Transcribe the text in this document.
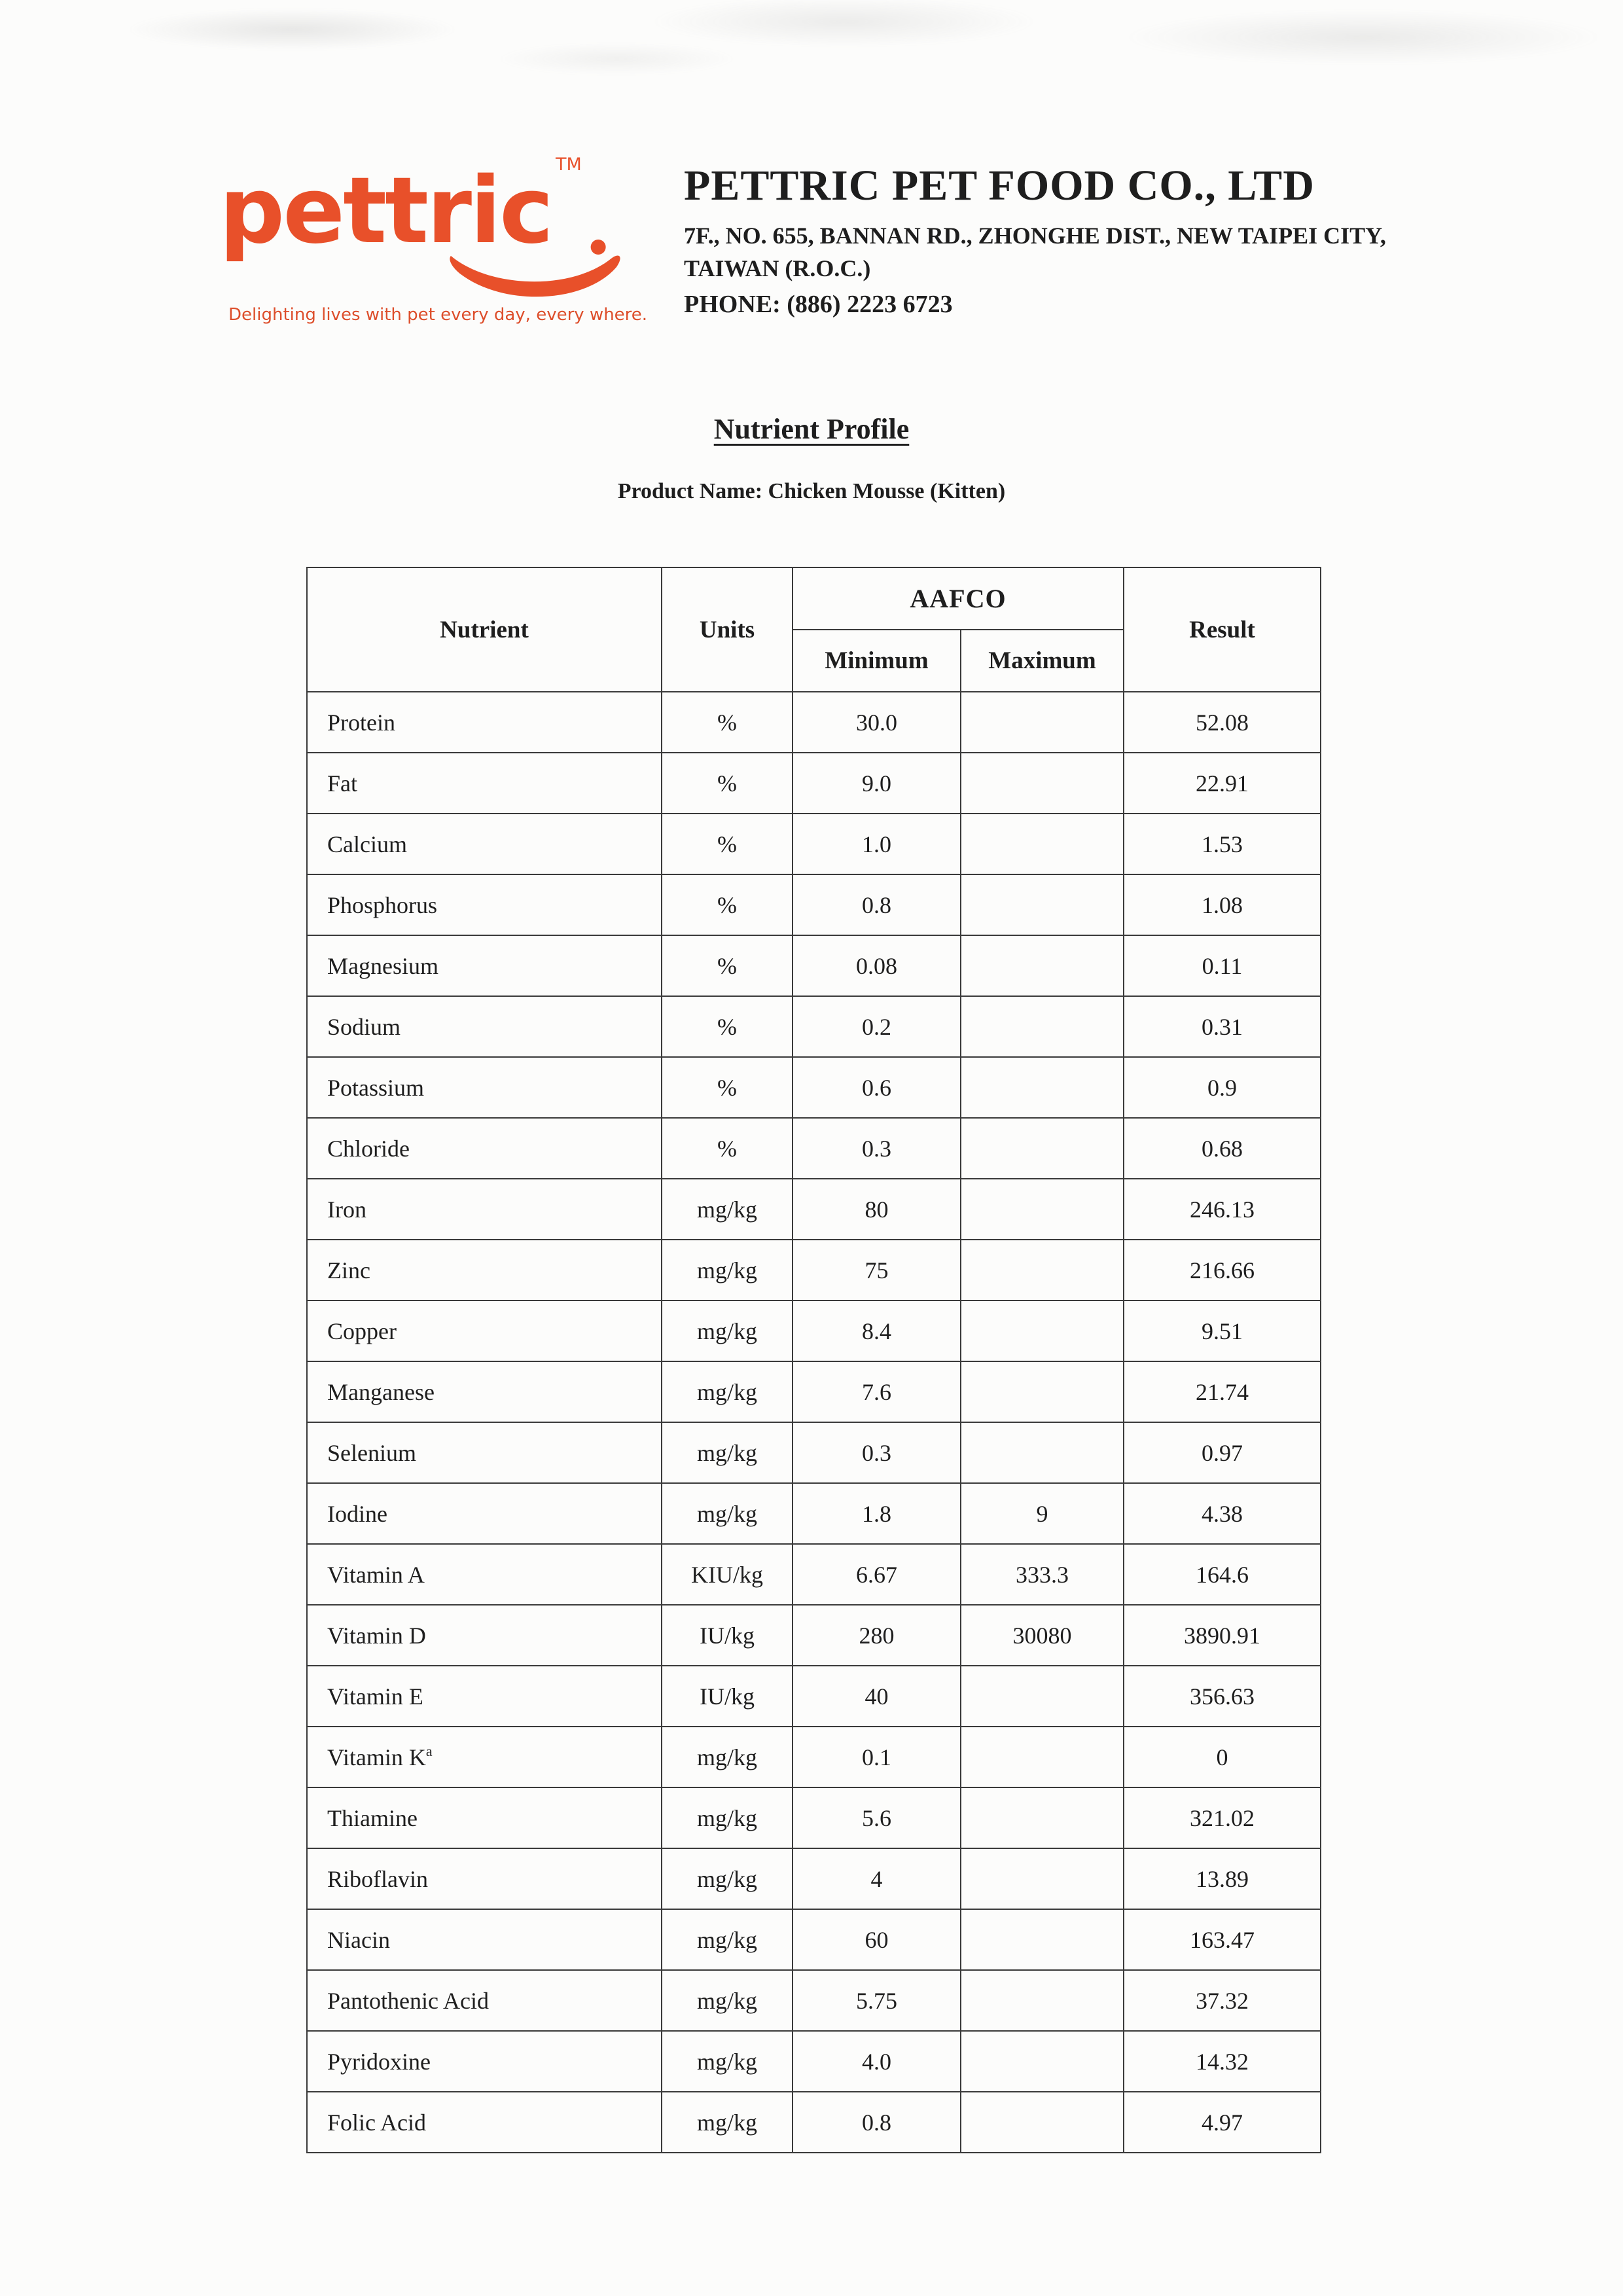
pettric TM
Delighting lives with pet every day, every where.
PETTRIC PET FOOD CO., LTD
7F., NO. 655, BANNAN RD., ZHONGHE DIST., NEW TAIPEI CITY,
TAIWAN (R.O.C.)
PHONE: (886) 2223 6723
Nutrient Profile
Product Name: Chicken Mousse (Kitten)
Nutrient	Units	AAFCO		Result
		Minimum	Maximum	
Protein	%	30.0		52.08
Fat	%	9.0		22.91
Calcium	%	1.0		1.53
Phosphorus	%	0.8		1.08
Magnesium	%	0.08		0.11
Sodium	%	0.2		0.31
Potassium	%	0.6		0.9
Chloride	%	0.3		0.68
Iron	mg/kg	80		246.13
Zinc	mg/kg	75		216.66
Copper	mg/kg	8.4		9.51
Manganese	mg/kg	7.6		21.74
Selenium	mg/kg	0.3		0.97
Iodine	mg/kg	1.8	9	4.38
Vitamin A	KIU/kg	6.67	333.3	164.6
Vitamin D	IU/kg	280	30080	3890.91
Vitamin E	IU/kg	40		356.63
Vitamin $K^a$	mg/kg	0.1		0
Thiamine	mg/kg	5.6		321.02
Riboflavin	mg/kg	4		13.89
Niacin	mg/kg	60		163.47
Pantothenic Acid	mg/kg	5.75		37.32
Pyridoxine	mg/kg	4.0		14.32
Folic Acid	mg/kg	0.8		4.97
